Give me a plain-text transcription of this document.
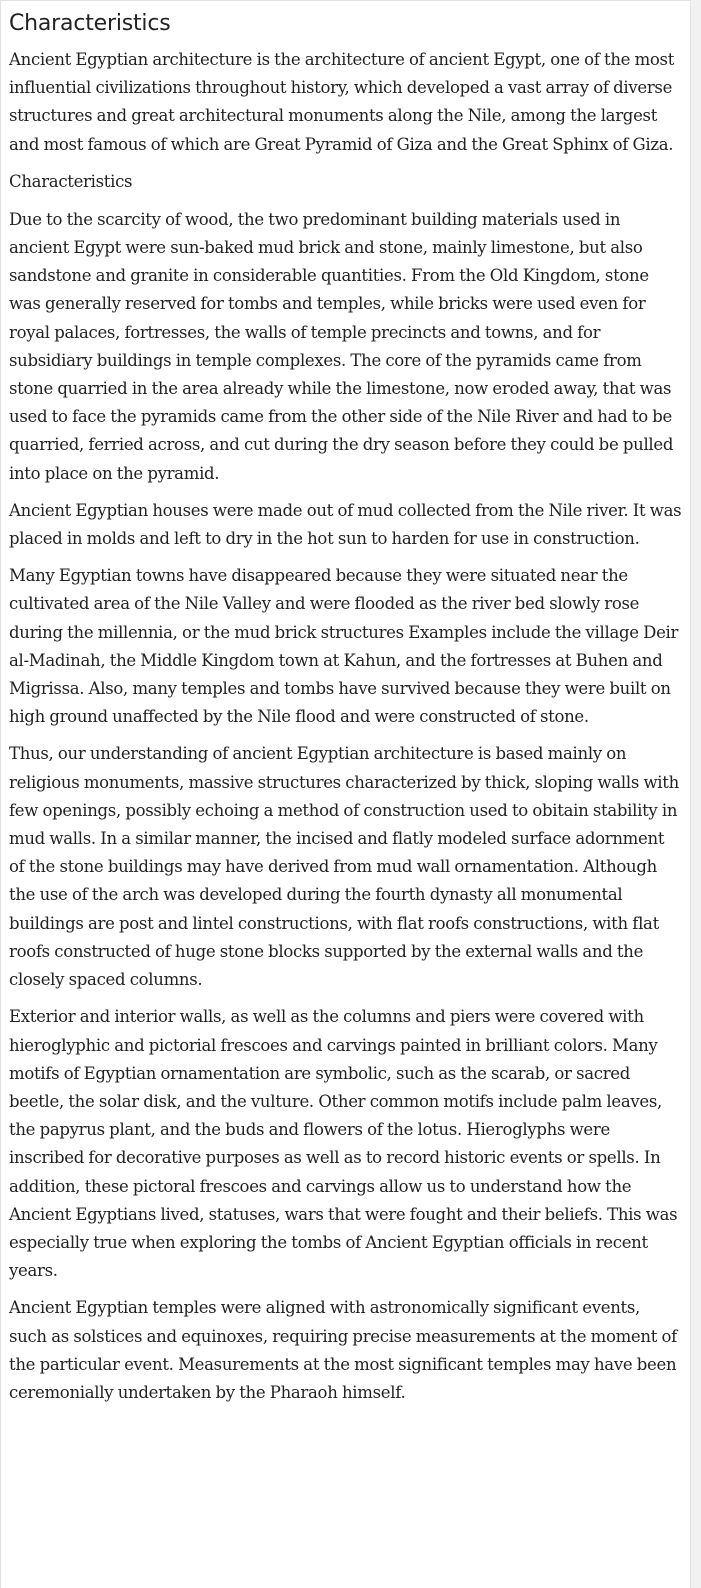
Characteristics

Ancient Egyptian architecture is the architecture of ancient Egypt, one of the most influential civilizations throughout history, which developed a vast array of diverse structures and great architectural monuments along the Nile, among the largest and most famous of which are Great Pyramid of Giza and the Great Sphinx of Giza.

Characteristics

Due to the scarcity of wood, the two predominant building materials used in ancient Egypt were sun-baked mud brick and stone, mainly limestone, but also sandstone and granite in considerable quantities. From the Old Kingdom, stone was generally reserved for tombs and temples, while bricks were used even for royal palaces, fortresses, the walls of temple precincts and towns, and for subsidiary buildings in temple complexes. The core of the pyramids came from stone quarried in the area already while the limestone, now eroded away, that was used to face the pyramids came from the other side of the Nile River and had to be quarried, ferried across, and cut during the dry season before they could be pulled into place on the pyramid.

Ancient Egyptian houses were made out of mud collected from the Nile river. It was placed in molds and left to dry in the hot sun to harden for use in construction.

Many Egyptian towns have disappeared because they were situated near the cultivated area of the Nile Valley and were flooded as the river bed slowly rose during the millennia, or the mud brick structures Examples include the village Deir al-Madinah, the Middle Kingdom town at Kahun, and the fortresses at Buhen and Migrissa. Also, many temples and tombs have survived because they were built on high ground unaffected by the Nile flood and were constructed of stone.

Thus, our understanding of ancient Egyptian architecture is based mainly on religious monuments, massive structures characterized by thick, sloping walls with few openings, possibly echoing a method of construction used to obitain stability in mud walls. In a similar manner, the incised and flatly modeled surface adornment of the stone buildings may have derived from mud wall ornamentation. Although the use of the arch was developed during the fourth dynasty all monumental buildings are post and lintel constructions, with flat roofs constructions, with flat roofs constructed of huge stone blocks supported by the external walls and the closely spaced columns.

Exterior and interior walls, as well as the columns and piers were covered with hieroglyphic and pictorial frescoes and carvings painted in brilliant colors. Many motifs of Egyptian ornamentation are symbolic, such as the scarab, or sacred beetle, the solar disk, and the vulture. Other common motifs include palm leaves, the papyrus plant, and the buds and flowers of the lotus. Hieroglyphs were inscribed for decorative purposes as well as to record historic events or spells. In addition, these pictoral frescoes and carvings allow us to understand how the Ancient Egyptians lived, statuses, wars that were fought and their beliefs. This was especially true when exploring the tombs of Ancient Egyptian officials in recent years.

Ancient Egyptian temples were aligned with astronomically significant events, such as solstices and equinoxes, requiring precise measurements at the moment of the particular event. Measurements at the most significant temples may have been ceremonially undertaken by the Pharaoh himself.
